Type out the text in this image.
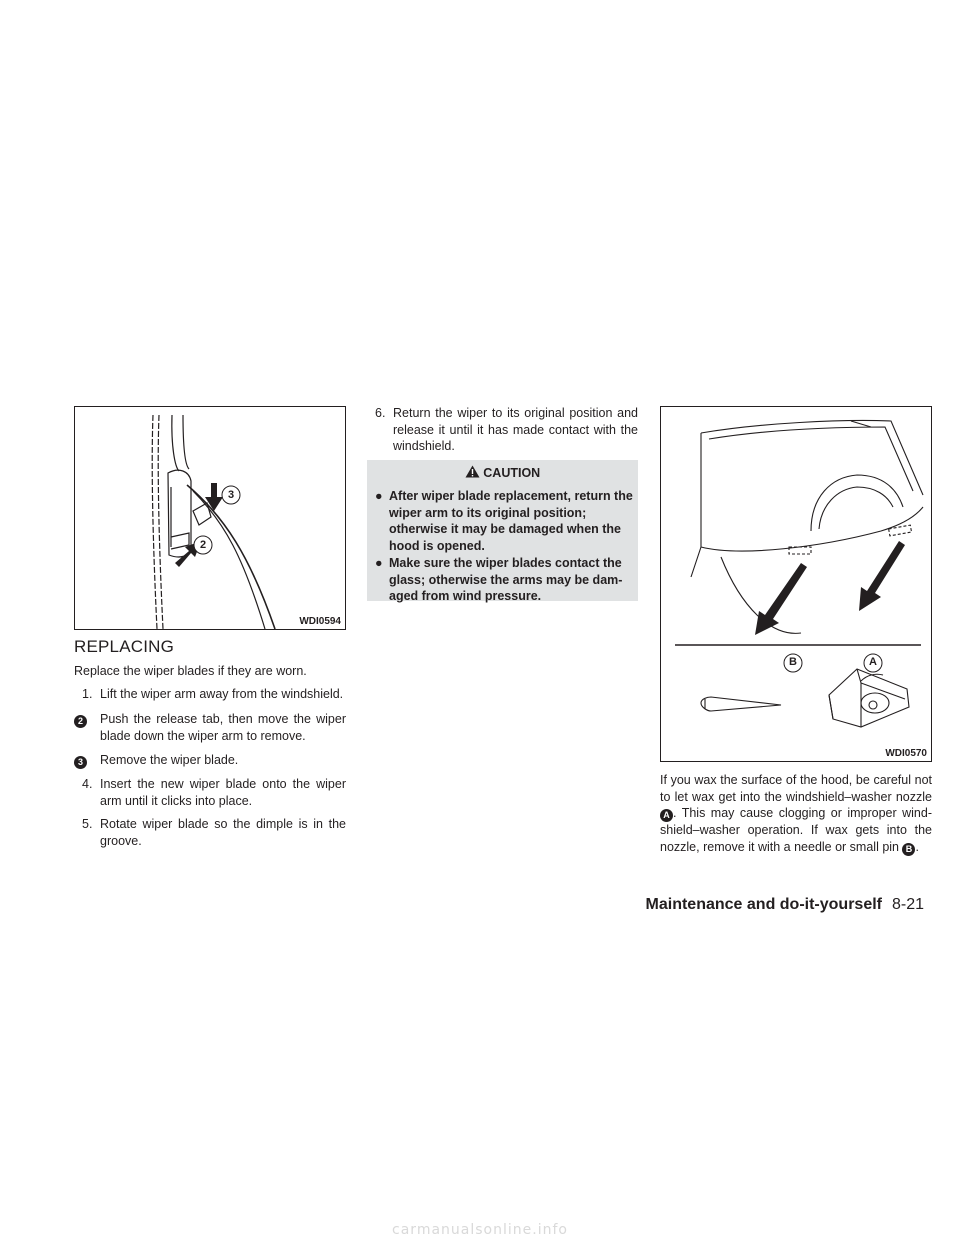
3
2
WDI0594
REPLACING
Replace the wiper blades if they are worn.
1. Lift the wiper arm away from the windshield.
2	Push the release tab, then move the wiper blade down the wiper arm to remove.
3	Remove the wiper blade.
4. Insert the new wiper blade onto the wiper arm until it clicks into place.
5. Rotate wiper blade so the dimple is in the groove.
6. Return the wiper to its original position and release it until it has made contact with the windshield.
CAUTION
● After wiper blade replacement, return the wiper arm to its original position; otherwise it may be damaged when the hood is opened.
● Make sure the wiper blades contact the glass; otherwise the arms may be dam-aged from wind pressure.
B	A
WDI0570
If you wax the surface of the hood, be careful not to let wax get into the windshield–washer nozzle A . This may cause clogging or improper wind-shield–washer operation. If wax gets into the nozzle, remove it with a needle or small pin B .
Maintenance and do-it-yourself 8-21
carmanualsonline.info
